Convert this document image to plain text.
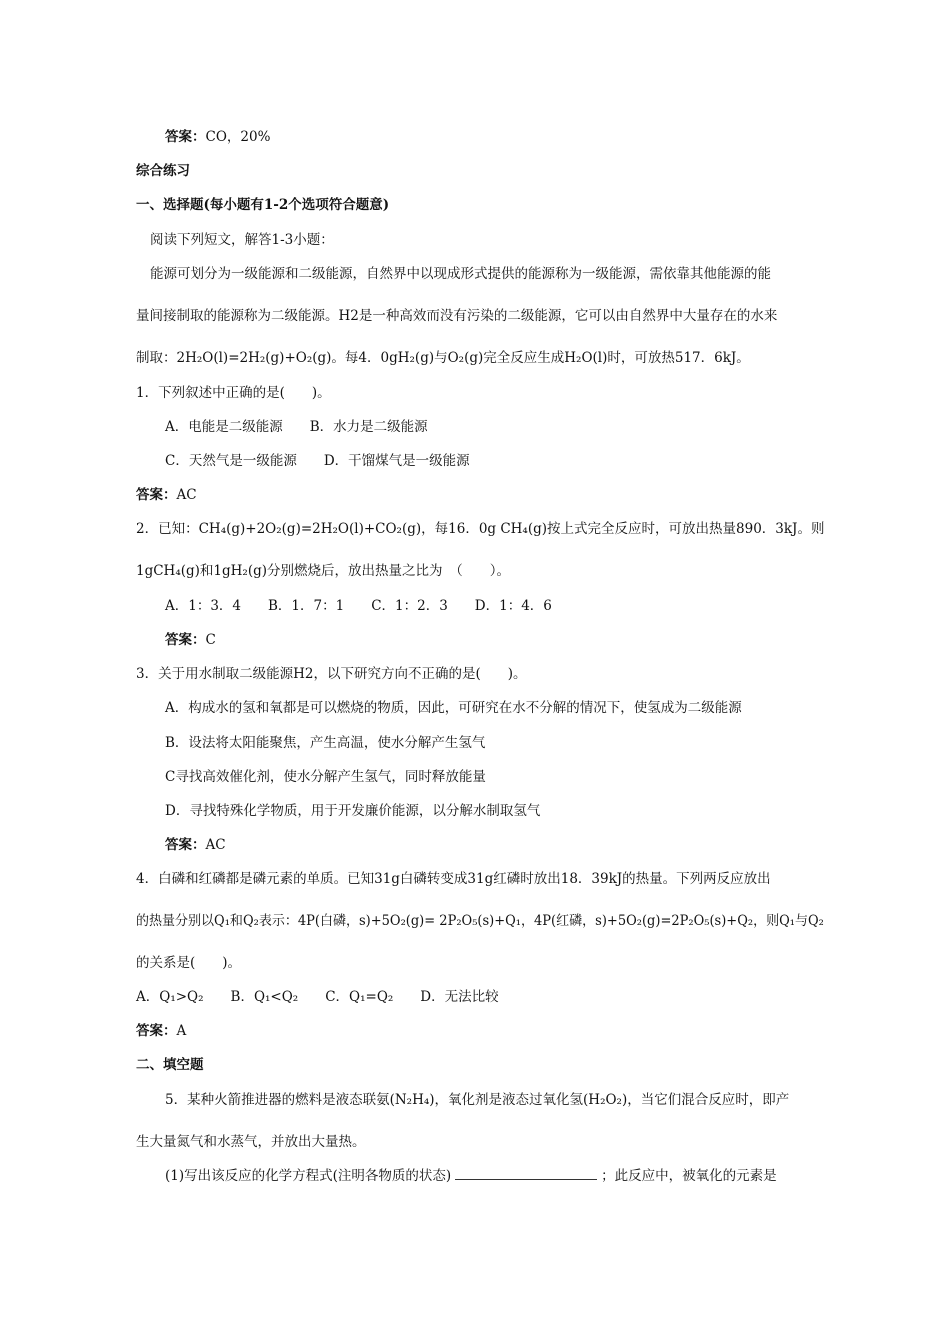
答案：CO，20%
综合练习
一、选择题(每小题有1-2个选项符合题意)
阅读下列短文，解答1-3小题：
能源可划分为一级能源和二级能源，自然界中以现成形式提供的能源称为一级能源，需依靠其他能源的能
量间接制取的能源称为二级能源。H2是一种高效而没有污染的二级能源，它可以由自然界中大量存在的水来
制取：2H₂O(l)=2H₂(g)+O₂(g)。每4．0gH₂(g)与O₂(g)完全反应生成H₂O(l)时，可放热517．6kJ。
1．下列叙述中正确的是(　　)。
A．电能是二级能源　　B．水力是二级能源
C．天然气是一级能源　　D．干馏煤气是一级能源
答案：AC
2．已知：CH₄(g)+2O₂(g)=2H₂O(l)+CO₂(g)，每16．0g CH₄(g)按上式完全反应时，可放出热量890．3kJ。则
1gCH₄(g)和1gH₂(g)分别燃烧后，放出热量之比为　（　　）。
A．1：3．4　　B．1．7：1　　C．1：2．3　　D．1：4．6
答案：C
3．关于用水制取二级能源H2，以下研究方向不正确的是(　　)。
A．构成水的氢和氧都是可以燃烧的物质，因此，可研究在水不分解的情况下，使氢成为二级能源
B．设法将太阳能聚焦，产生高温，使水分解产生氢气
C寻找高效催化剂，使水分解产生氢气，同时释放能量
D．寻找特殊化学物质，用于开发廉价能源，以分解水制取氢气
答案：AC
4．白磷和红磷都是磷元素的单质。已知31g白磷转变成31g红磷时放出18．39kJ的热量。下列两反应放出
的热量分别以Q₁和Q₂表示：4P(白磷，s)+5O₂(g)= 2P₂O₅(s)+Q₁，4P(红磷，s)+5O₂(g)=2P₂O₅(s)+Q₂，则Q₁与Q₂
的关系是(　　)。
A．Q₁>Q₂　　B．Q₁<Q₂　　C．Q₁=Q₂　　D．无法比较
答案：A
二、填空题
5．某种火箭推进器的燃料是液态联氨(N₂H₄)，氧化剂是液态过氧化氢(H₂O₂)，当它们混合反应时，即产
生大量氮气和水蒸气，并放出大量热。
(1)写出该反应的化学方程式(注明各物质的状态)	；此反应中，被氧化的元素是
